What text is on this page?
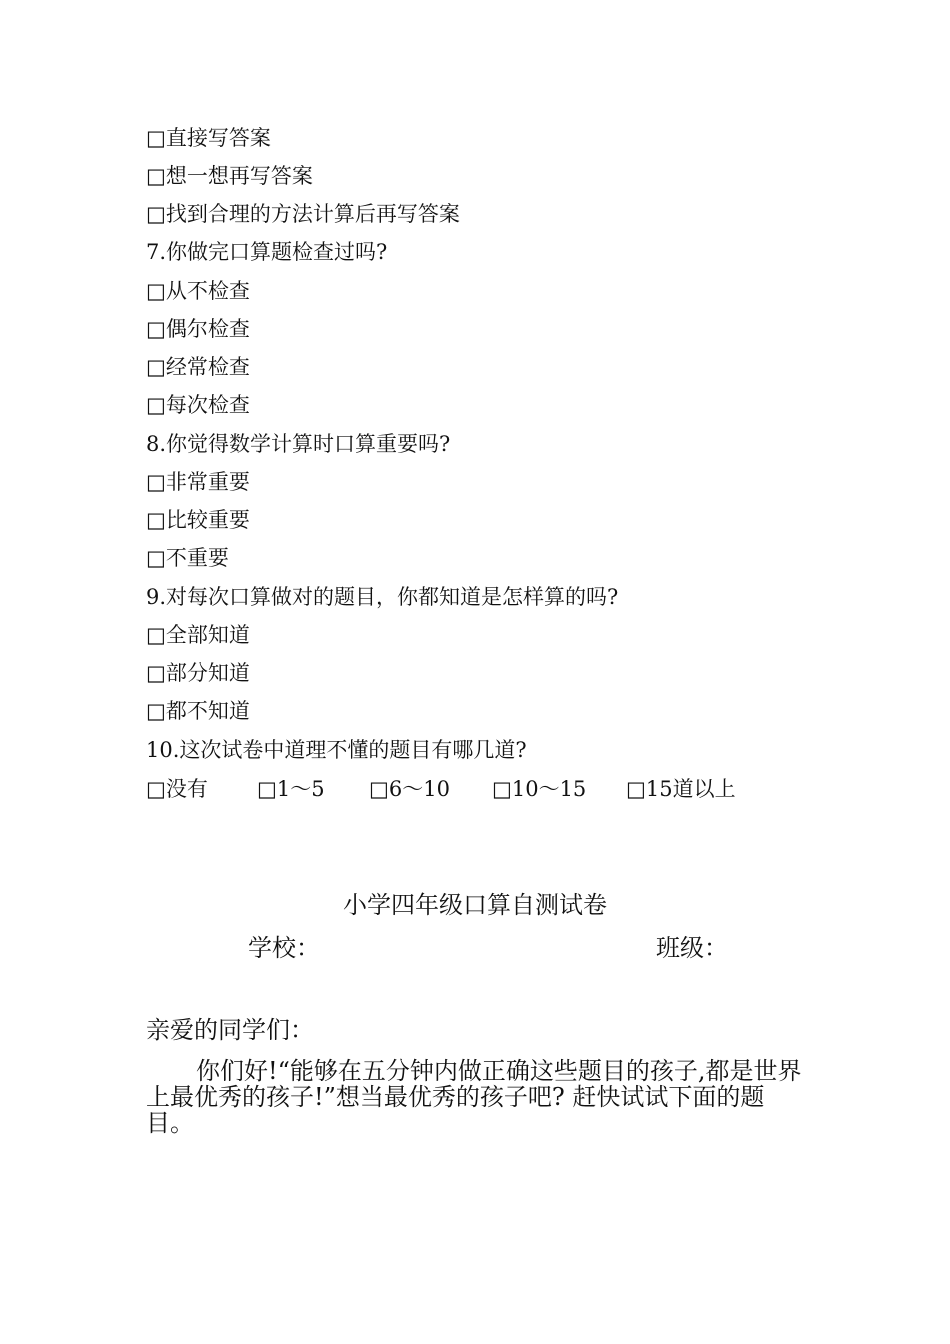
□直接写答案
□想一想再写答案
□找到合理的方法计算后再写答案
7.你做完口算题检查过吗?
□从不检查
□偶尔检查
□经常检查
□每次检查
8.你觉得数学计算时口算重要吗?
□非常重要
□比较重要
□不重要
9.对每次口算做对的题目，你都知道是怎样算的吗?
□全部知道
□部分知道
□都不知道
10.这次试卷中道理不懂的题目有哪几道?
□没有 □1～5 □6～10 □10～15 □15道以上
小学四年级口算自测试卷
学校：	班级：
亲爱的同学们：
你们好!“能够在五分钟内做正确这些题目的孩子,都是世界上最优秀的孩子!”想当最优秀的孩子吧? 赶快试试下面的题目。
